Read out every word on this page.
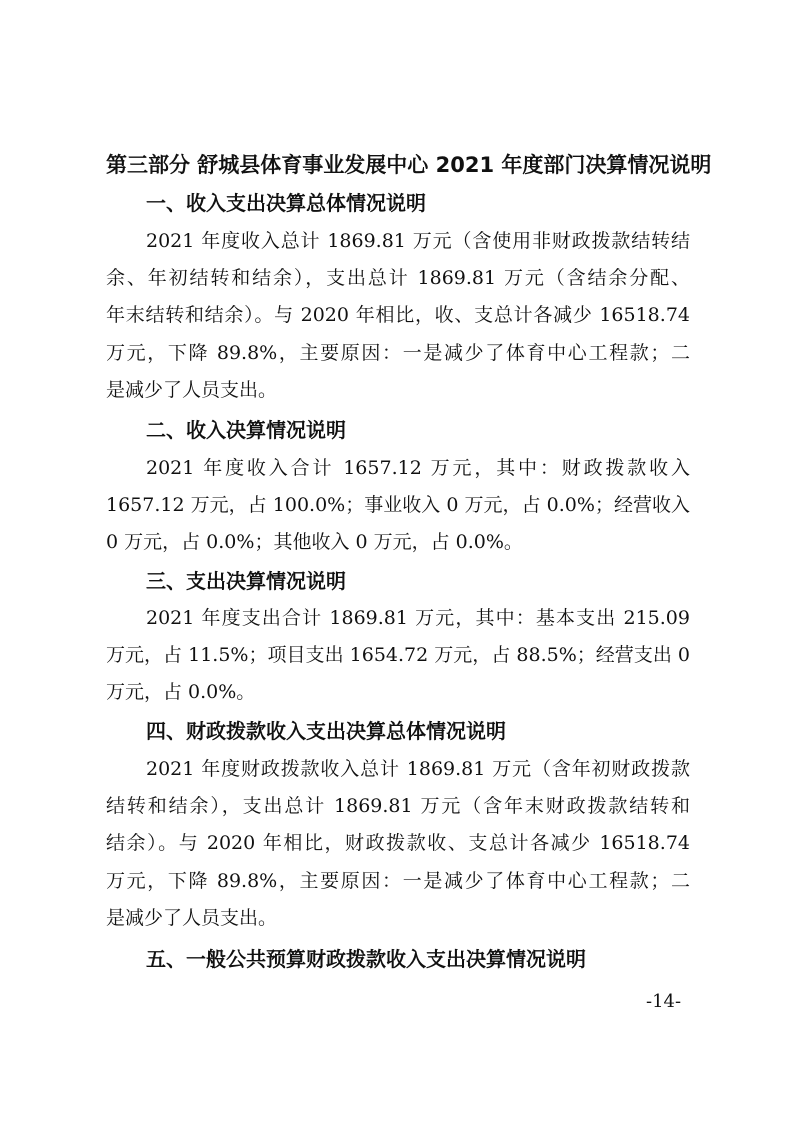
第三部分 舒城县体育事业发展中心 2021 年度部门决算情况说明
一、收入支出决算总体情况说明
2021 年度收入总计 1869.81 万元（含使用非财政拨款结转结
余、年初结转和结余），支出总计 1869.81 万元（含结余分配、
年末结转和结余）。与 2020 年相比，收、支总计各减少 16518.74
万元，下降 89.8%，主要原因：一是减少了体育中心工程款；二
是减少了人员支出。
二、收入决算情况说明
2021 年度收入合计 1657.12 万元，其中：财政拨款收入
1657.12 万元，占 100.0%；事业收入 0 万元，占 0.0%；经营收入
0 万元，占 0.0%；其他收入 0 万元，占 0.0%。
三、支出决算情况说明
2021 年度支出合计 1869.81 万元，其中：基本支出 215.09
万元，占 11.5%；项目支出 1654.72 万元，占 88.5%；经营支出 0
万元，占 0.0%。
四、财政拨款收入支出决算总体情况说明
2021 年度财政拨款收入总计 1869.81 万元（含年初财政拨款
结转和结余），支出总计 1869.81 万元（含年末财政拨款结转和
结余）。与 2020 年相比，财政拨款收、支总计各减少 16518.74
万元，下降 89.8%，主要原因：一是减少了体育中心工程款；二
是减少了人员支出。
五、一般公共预算财政拨款收入支出决算情况说明
-14-
